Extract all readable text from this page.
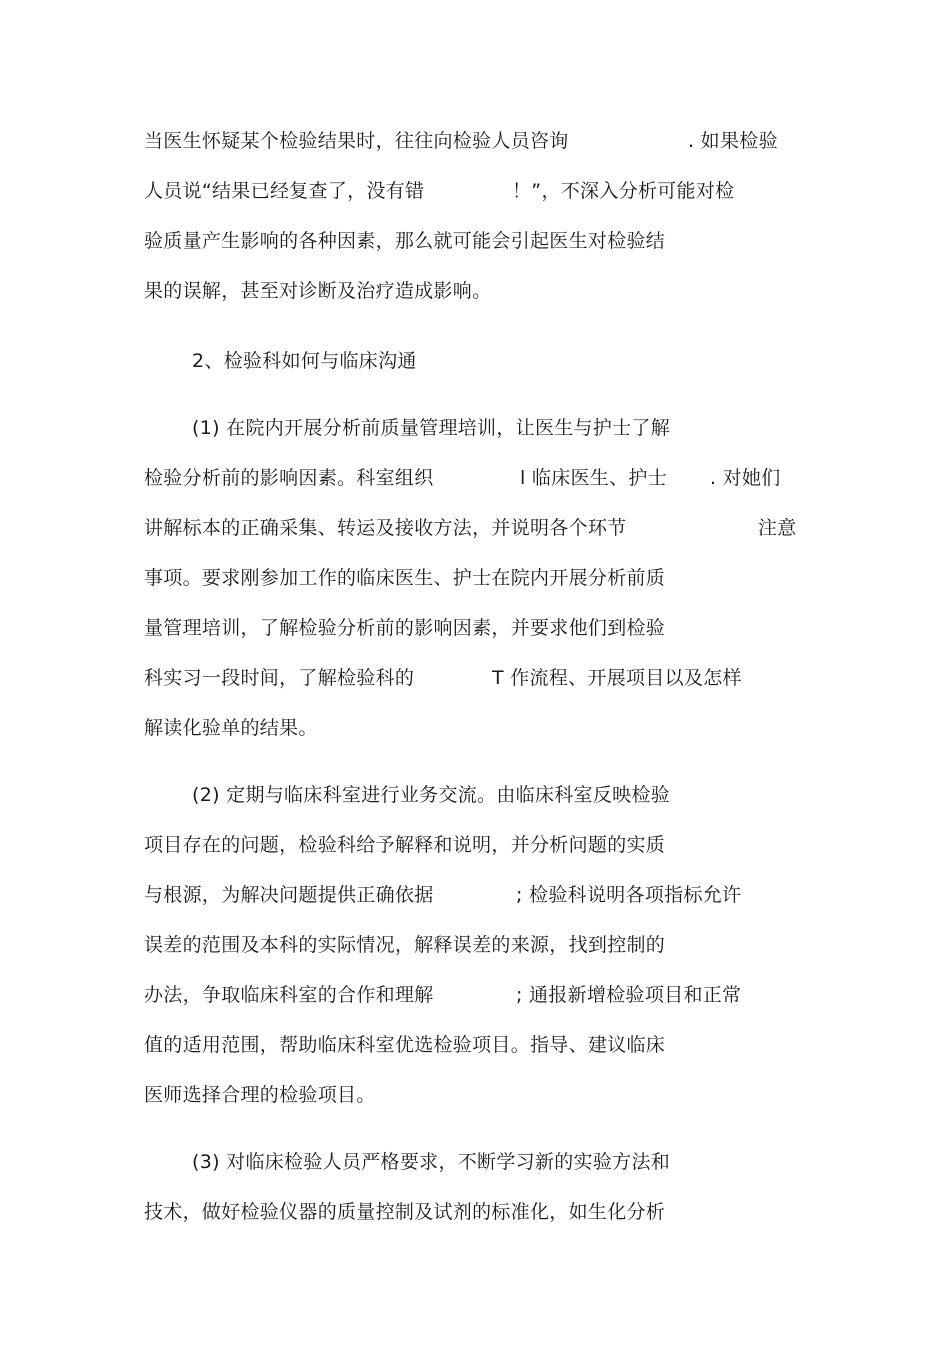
当医生怀疑某个检验结果时，往往向检验人员咨询	. 如果检验
人员说“结果已经复查了，没有错	！”，不深入分析可能对检
验质量产生影响的各种因素，那么就可能会引起医生对检验结
果的误解，甚至对诊断及治疗造成影响。
2、检验科如何与临床沟通
(1) 在院内开展分析前质量管理培训，让医生与护士了解
检验分析前的影响因素。科室组织	l 临床医生、护士 . 对她们
讲解标本的正确采集、转运及接收方法，并说明各个环节	注意
事项。要求刚参加工作的临床医生、护士在院内开展分析前质
量管理培训，了解检验分析前的影响因素，并要求他们到检验
科实习一段时间，了解检验科的	T 作流程、开展项目以及怎样
解读化验单的结果。
(2) 定期与临床科室进行业务交流。由临床科室反映检验
项目存在的问题，检验科给予解释和说明，并分析问题的实质
与根源，为解决问题提供正确依据	; 检验科说明各项指标允许
误差的范围及本科的实际情况，解释误差的来源，找到控制的
办法，争取临床科室的合作和理解	; 通报新增检验项目和正常
值的适用范围，帮助临床科室优选检验项目。指导、建议临床
医师选择合理的检验项目。
(3) 对临床检验人员严格要求，不断学习新的实验方法和
技术，做好检验仪器的质量控制及试剂的标准化，如生化分析
